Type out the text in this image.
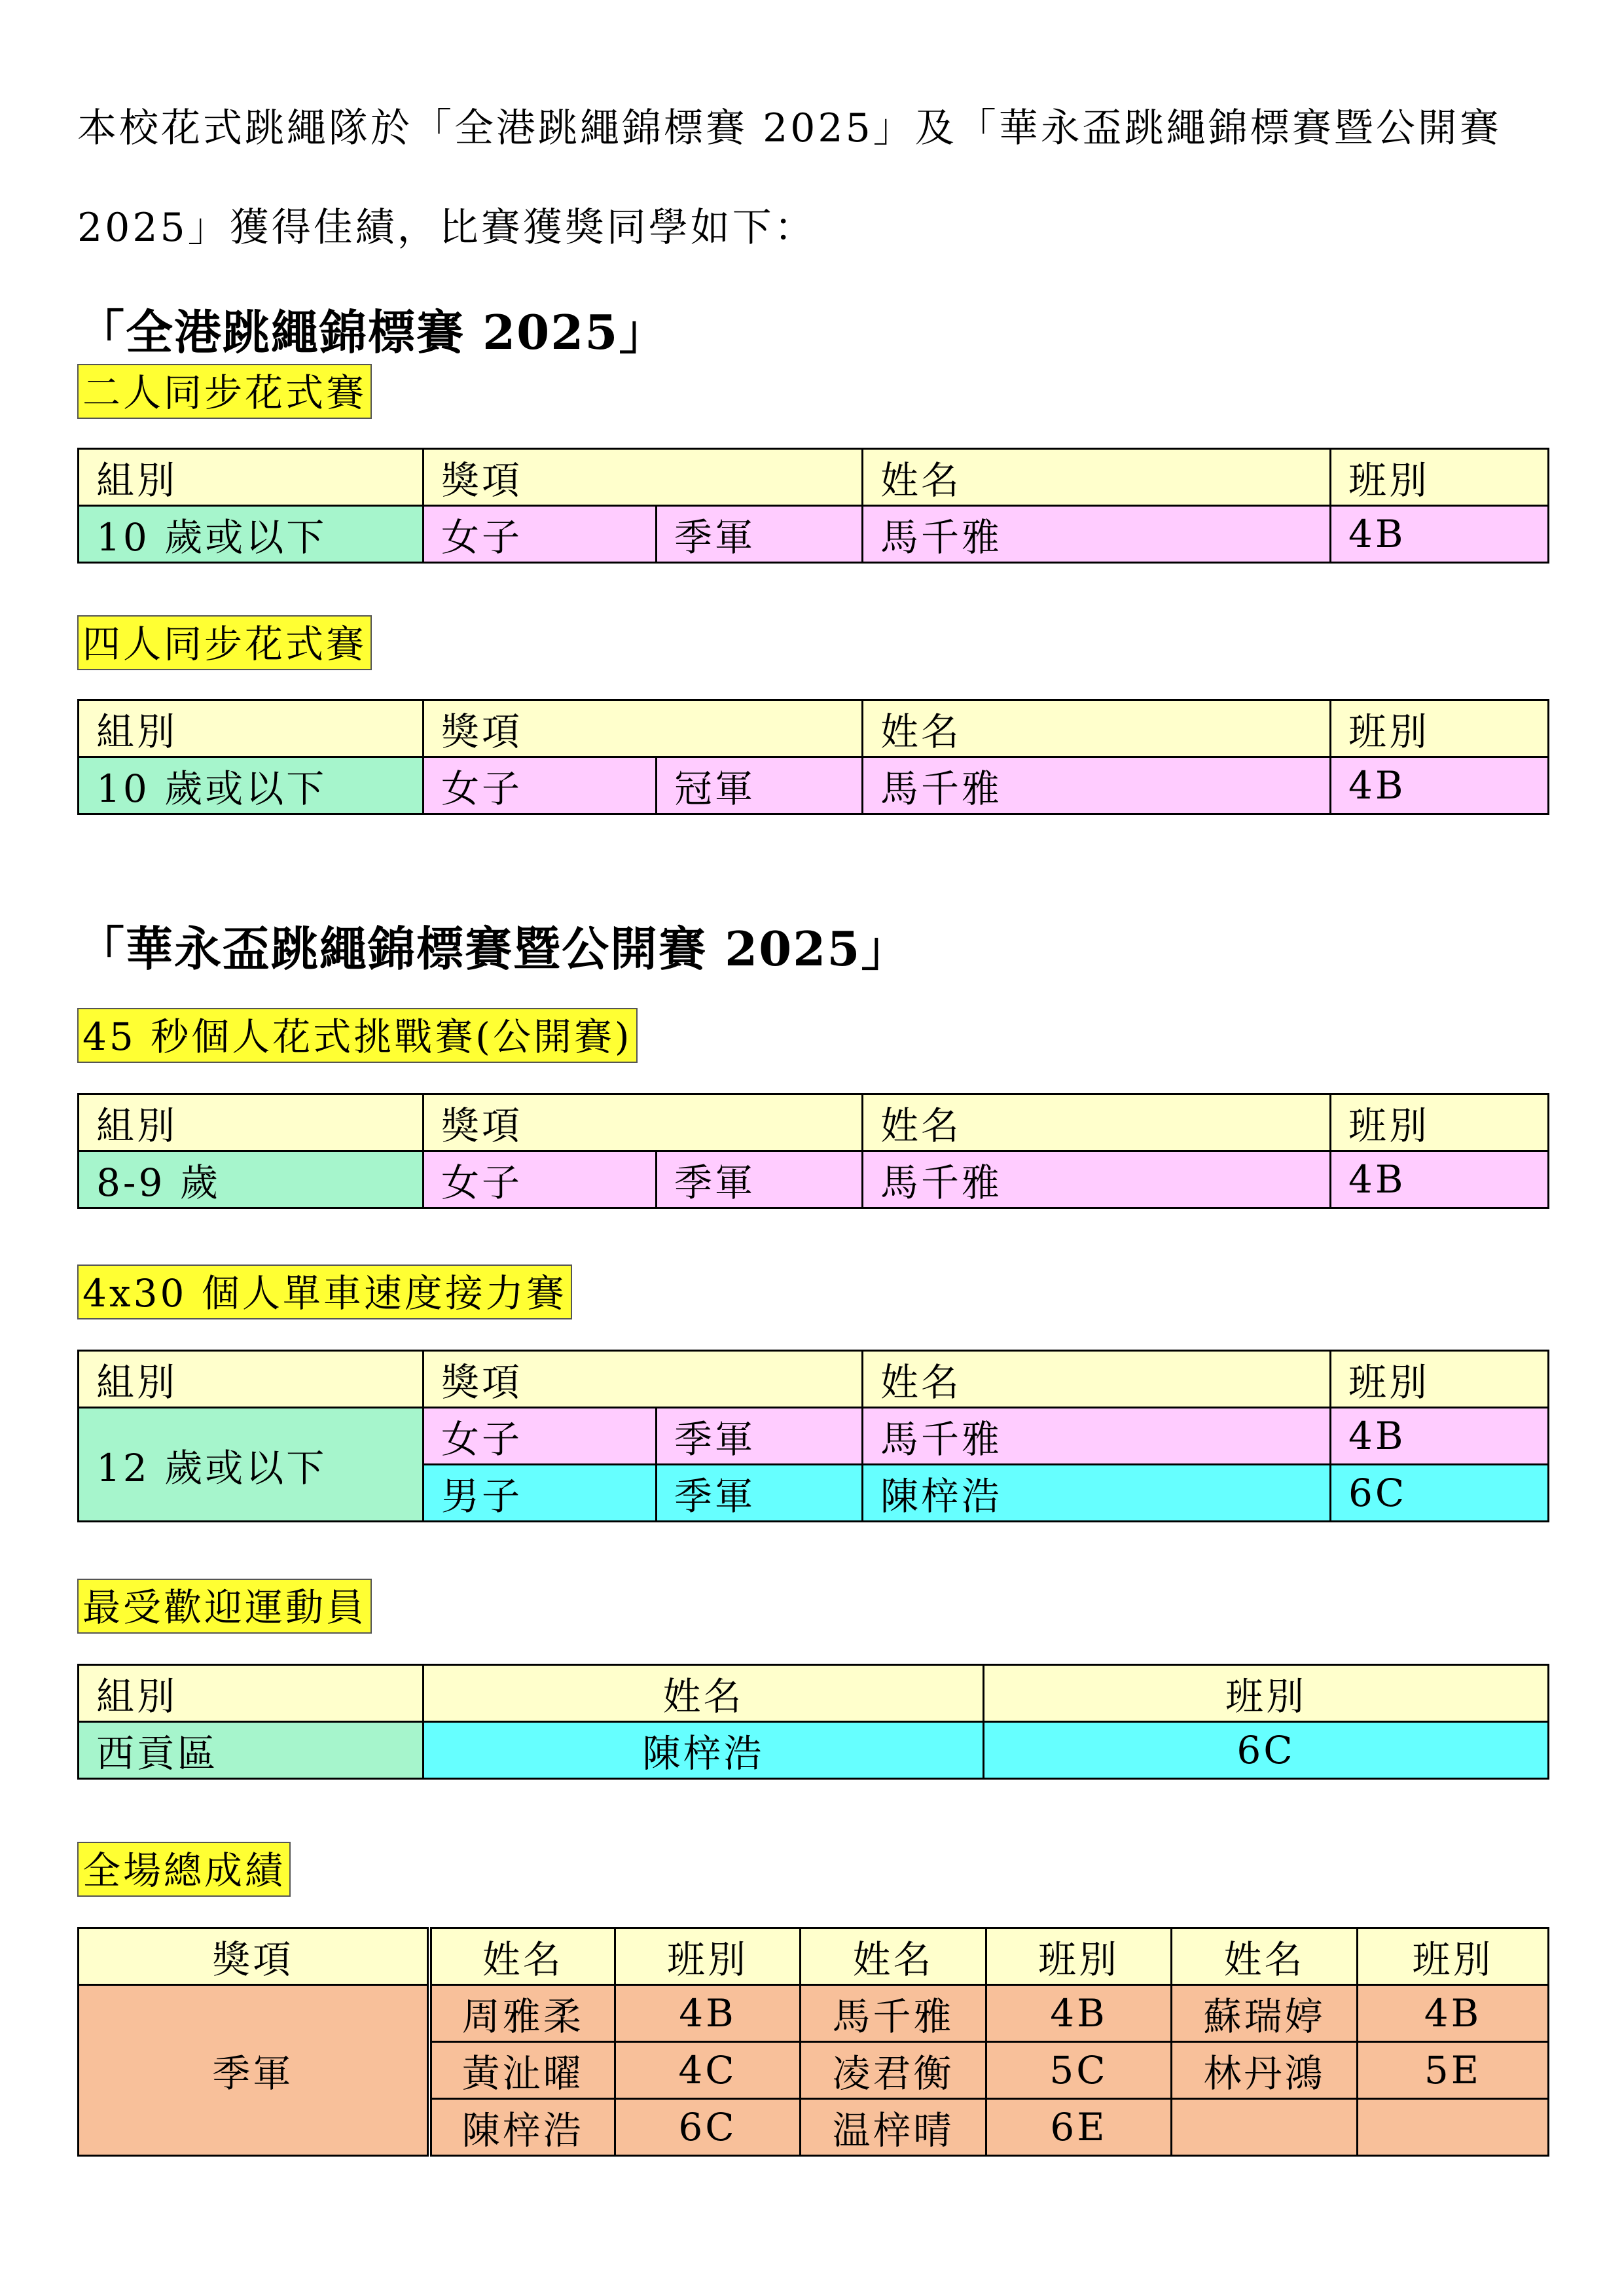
本校花式跳繩隊於「全港跳繩錦標賽 2025」及「華永盃跳繩錦標賽暨公開賽
2025」獲得佳績，比賽獲獎同學如下：
「全港跳繩錦標賽 2025」
二人同步花式賽
組別	獎項		姓名	班別
10 歲或以下	女子	季軍	馬千雅	4B
四人同步花式賽
組別	獎項		姓名	班別
10 歲或以下	女子	冠軍	馬千雅	4B
「華永盃跳繩錦標賽暨公開賽 2025」
45 秒個人花式挑戰賽(公開賽)
組別	獎項		姓名	班別
8-9 歲	女子	季軍	馬千雅	4B
4x30 個人單車速度接力賽
組別	獎項		姓名	班別
12 歲或以下	女子	季軍	馬千雅	4B
	男子	季軍	陳梓浩	6C
最受歡迎運動員
組別	姓名	班別
西貢區	陳梓浩	6C
全場總成績
獎項	姓名	班別	姓名	班別	姓名	班別
季軍	周雅柔	4B	馬千雅	4B	蘇瑞婷	4B
	黃沚曜	4C	凌君衡	5C	林丹鴻	5E
	陳梓浩	6C	温梓晴	6E		
